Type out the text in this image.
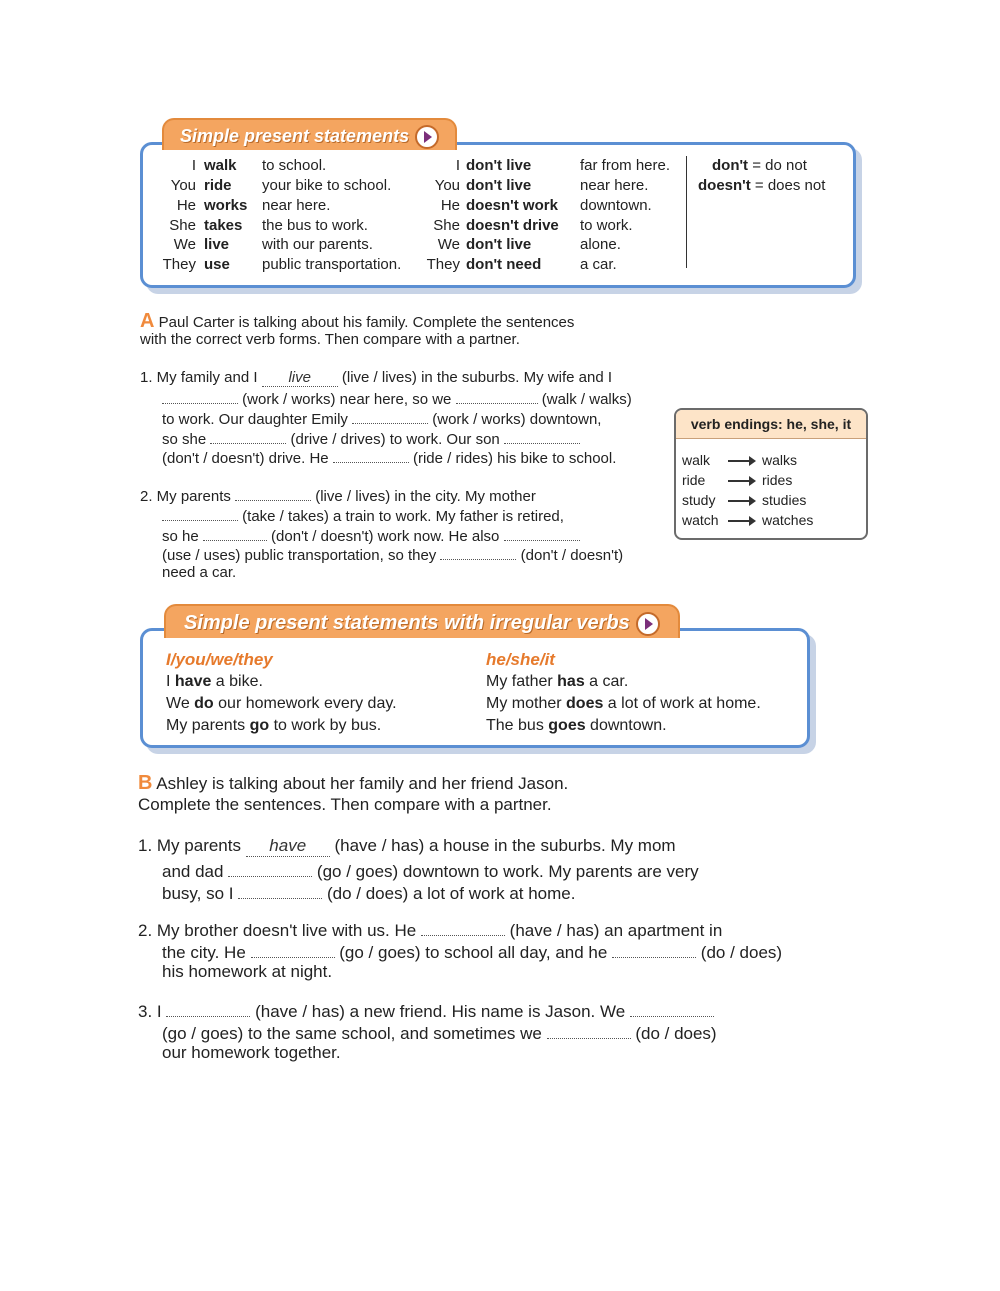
Simple present statements
I walk to school.
You ride your bike to school.
He works near here.
She takes the bus to work.
We live with our parents.
They use public transportation.
I don't live	far from here.
You don't live	near here.
He doesn't work downtown.
She doesn't drive to work.
We don't live	alone.
They don't need	a car.
don't = do not
doesn't = does not
A Paul Carter is talking about his family. Complete the sentences
with the correct verb forms. Then compare with a partner.
1. My family and I live (live / lives) in the suburbs. My wife and I
(work / works) near here, so we	(walk / walks)
to work. Our daughter Emily	(work / works) downtown,
so she	(drive / drives) to work. Our son
(don't / doesn't) drive. He	(ride / rides) his bike to school.
2. My parents	(live / lives) in the city. My mother
(take / takes) a train to work. My father is retired,
so he	(don't / doesn't) work now. He also
(use / uses) public transportation, so they	(don't / doesn't)
need a car.
verb endings: he, she, it
walk	walks
ride	rides
study	studies
watch	watches
Simple present statements with irregular verbs
I/you/we/they	he/she/it
I have a bike.
We do our homework every day.
My parents go to work by bus.
My father has a car.
My mother does a lot of work at home.
The bus goes downtown.
B Ashley is talking about her family and her friend Jason.
Complete the sentences. Then compare with a partner.
1. My parents have (have / has) a house in the suburbs. My mom
and dad	(go / goes) downtown to work. My parents are very
busy, so I	(do / does) a lot of work at home.
2. My brother doesn't live with us. He	(have / has) an apartment in
the city. He	(go / goes) to school all day, and he	(do / does)
his homework at night.
3. I	(have / has) a new friend. His name is Jason. We
(go / goes) to the same school, and sometimes we	(do / does)
our homework together.
